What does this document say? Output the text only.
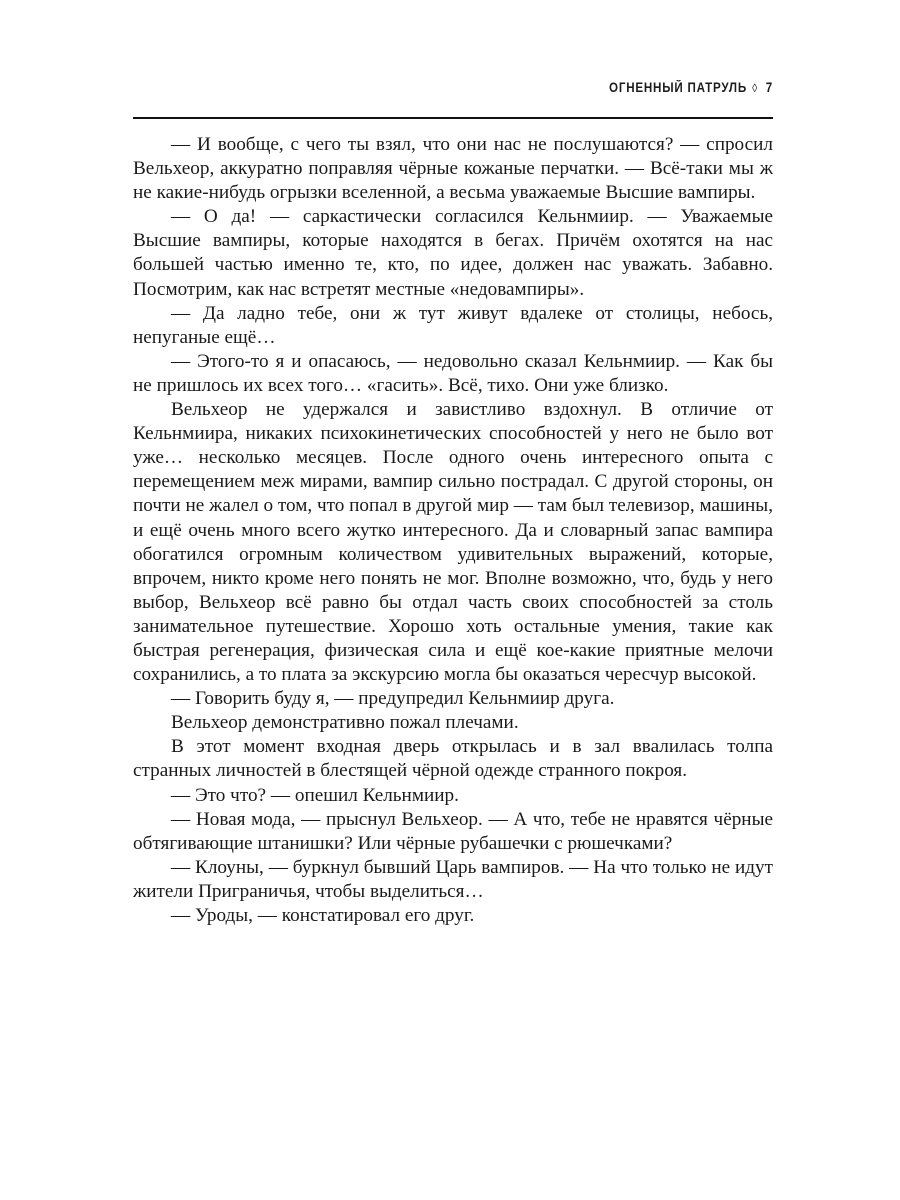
ОГНЕННЫЙ ПАТРУЛЬ ◊ 7

— И вообще, с чего ты взял, что они нас не послушаются? — спросил Вельхеор, аккуратно поправляя чёрные кожаные перчатки. — Всё-таки мы ж не какие-нибудь огрызки вселенной, а весьма уважаемые Высшие вампиры.

— О да! — саркастически согласился Кельнмиир. — Уважаемые Высшие вампиры, которые находятся в бегах. Причём охотятся на нас большей частью именно те, кто, по идее, должен нас уважать. Забавно. Посмотрим, как нас встретят местные «недовампиры».

— Да ладно тебе, они ж тут живут вдалеке от столицы, небось, непуганые ещё…

— Этого-то я и опасаюсь, — недовольно сказал Кельнмиир. — Как бы не пришлось их всех того… «гасить». Всё, тихо. Они уже близко.

Вельхеор не удержался и завистливо вздохнул. В отличие от Кельнмиира, никаких психокинетических способностей у него не было вот уже… несколько месяцев. После одного очень интересного опыта с перемещением меж мирами, вампир сильно пострадал. С другой стороны, он почти не жалел о том, что попал в другой мир — там был телевизор, машины, и ещё очень много всего жутко интересного. Да и словарный запас вампира обогатился огромным количеством удивительных выражений, которые, впрочем, никто кроме него понять не мог. Вполне возможно, что, будь у него выбор, Вельхеор всё равно бы отдал часть своих способностей за столь занимательное путешествие. Хорошо хоть остальные умения, такие как быстрая регенерация, физическая сила и ещё кое-какие приятные мелочи сохранились, а то плата за экскурсию могла бы оказаться чересчур высокой.

— Говорить буду я, — предупредил Кельнмиир друга.

Вельхеор демонстративно пожал плечами.

В этот момент входная дверь открылась и в зал ввалилась толпа странных личностей в блестящей чёрной одежде странного покроя.

— Это что? — опешил Кельнмиир.

— Новая мода, — прыснул Вельхеор. — А что, тебе не нравятся чёрные обтягивающие штанишки? Или чёрные рубашечки с рюшечками?

— Клоуны, — буркнул бывший Царь вампиров. — На что только не идут жители Приграничья, чтобы выделиться…

— Уроды, — констатировал его друг.
